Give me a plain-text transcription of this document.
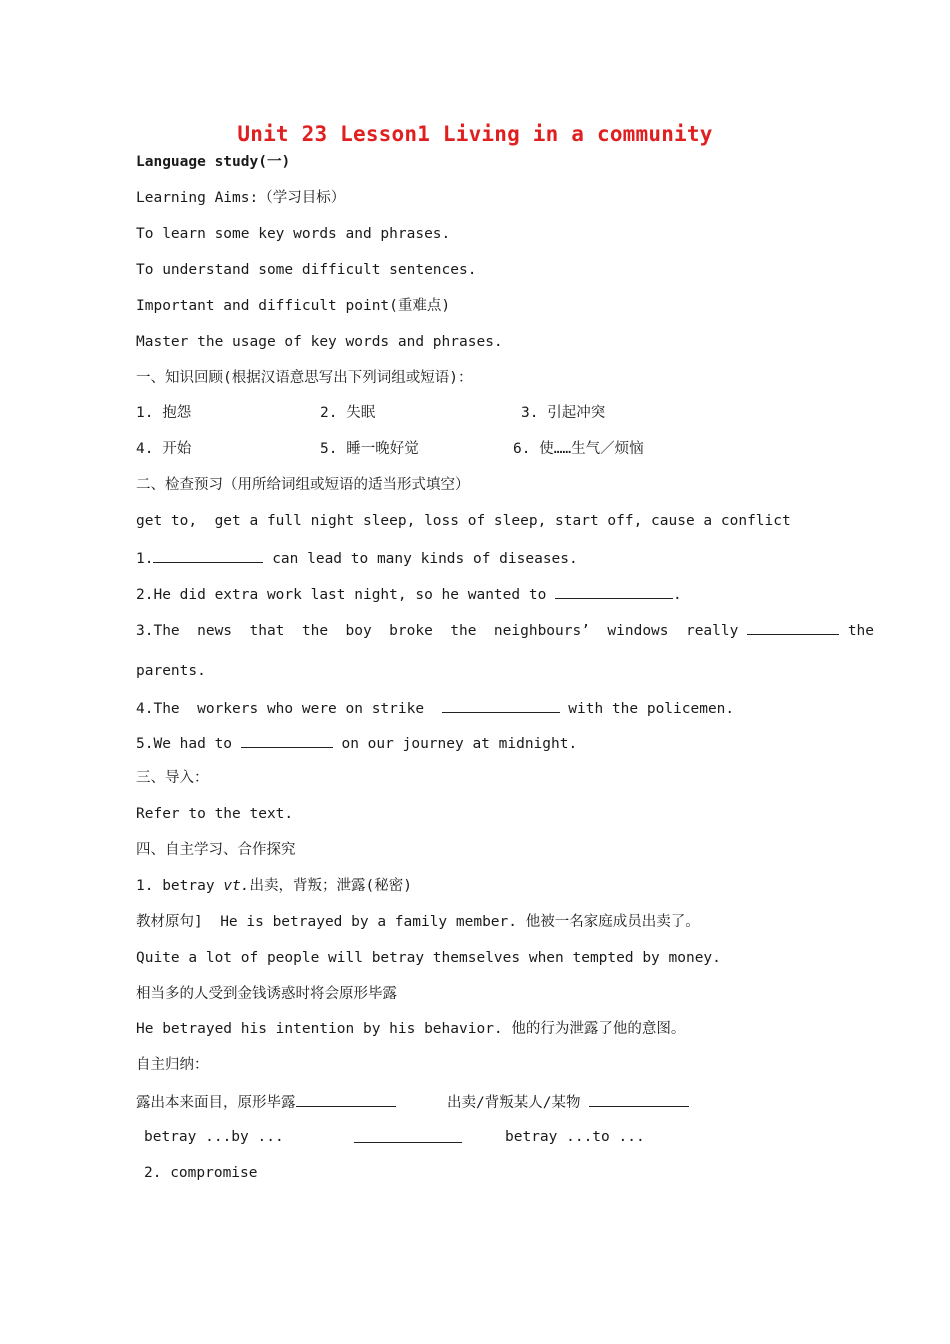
Unit 23 Lesson1 Living in a community
Language study(一)
Learning Aims:（学习目标）
To learn some key words and phrases.
To understand some difficult sentences.
Important and difficult point(重难点)
Master the usage of key words and phrases.
一、知识回顾(根据汉语意思写出下列词组或短语)：
1. 抱怨	2. 失眠	3. 引起冲突
4. 开始	5. 睡一晚好觉	6. 使……生气／烦恼
二、检查预习（用所给词组或短语的适当形式填空）
get to,  get a full night sleep, loss of sleep, start off, cause a conflict
1.	can lead to many kinds of diseases.
2.He did extra work last night, so he wanted to	.
3.The  news  that  the  boy  broke  the  neighbours’  windows  really	the
parents.
4.The  workers who were on strike	with the policemen.
5.We had to	on our journey at midnight.
三、导入：
Refer to the text.
四、自主学习、合作探究
1. betray vt.出卖，背叛；泄露(秘密)
教材原句]  He is betrayed by a family member. 他被一名家庭成员出卖了。
Quite a lot of people will betray themselves when tempted by money.
相当多的人受到金钱诱惑时将会原形毕露
He betrayed his intention by his behavior. 他的行为泄露了他的意图。
自主归纳：
露出本来面目，原形毕露	出卖/背叛某人/某物
betray ...by ...	betray ...to ...
2. compromise
